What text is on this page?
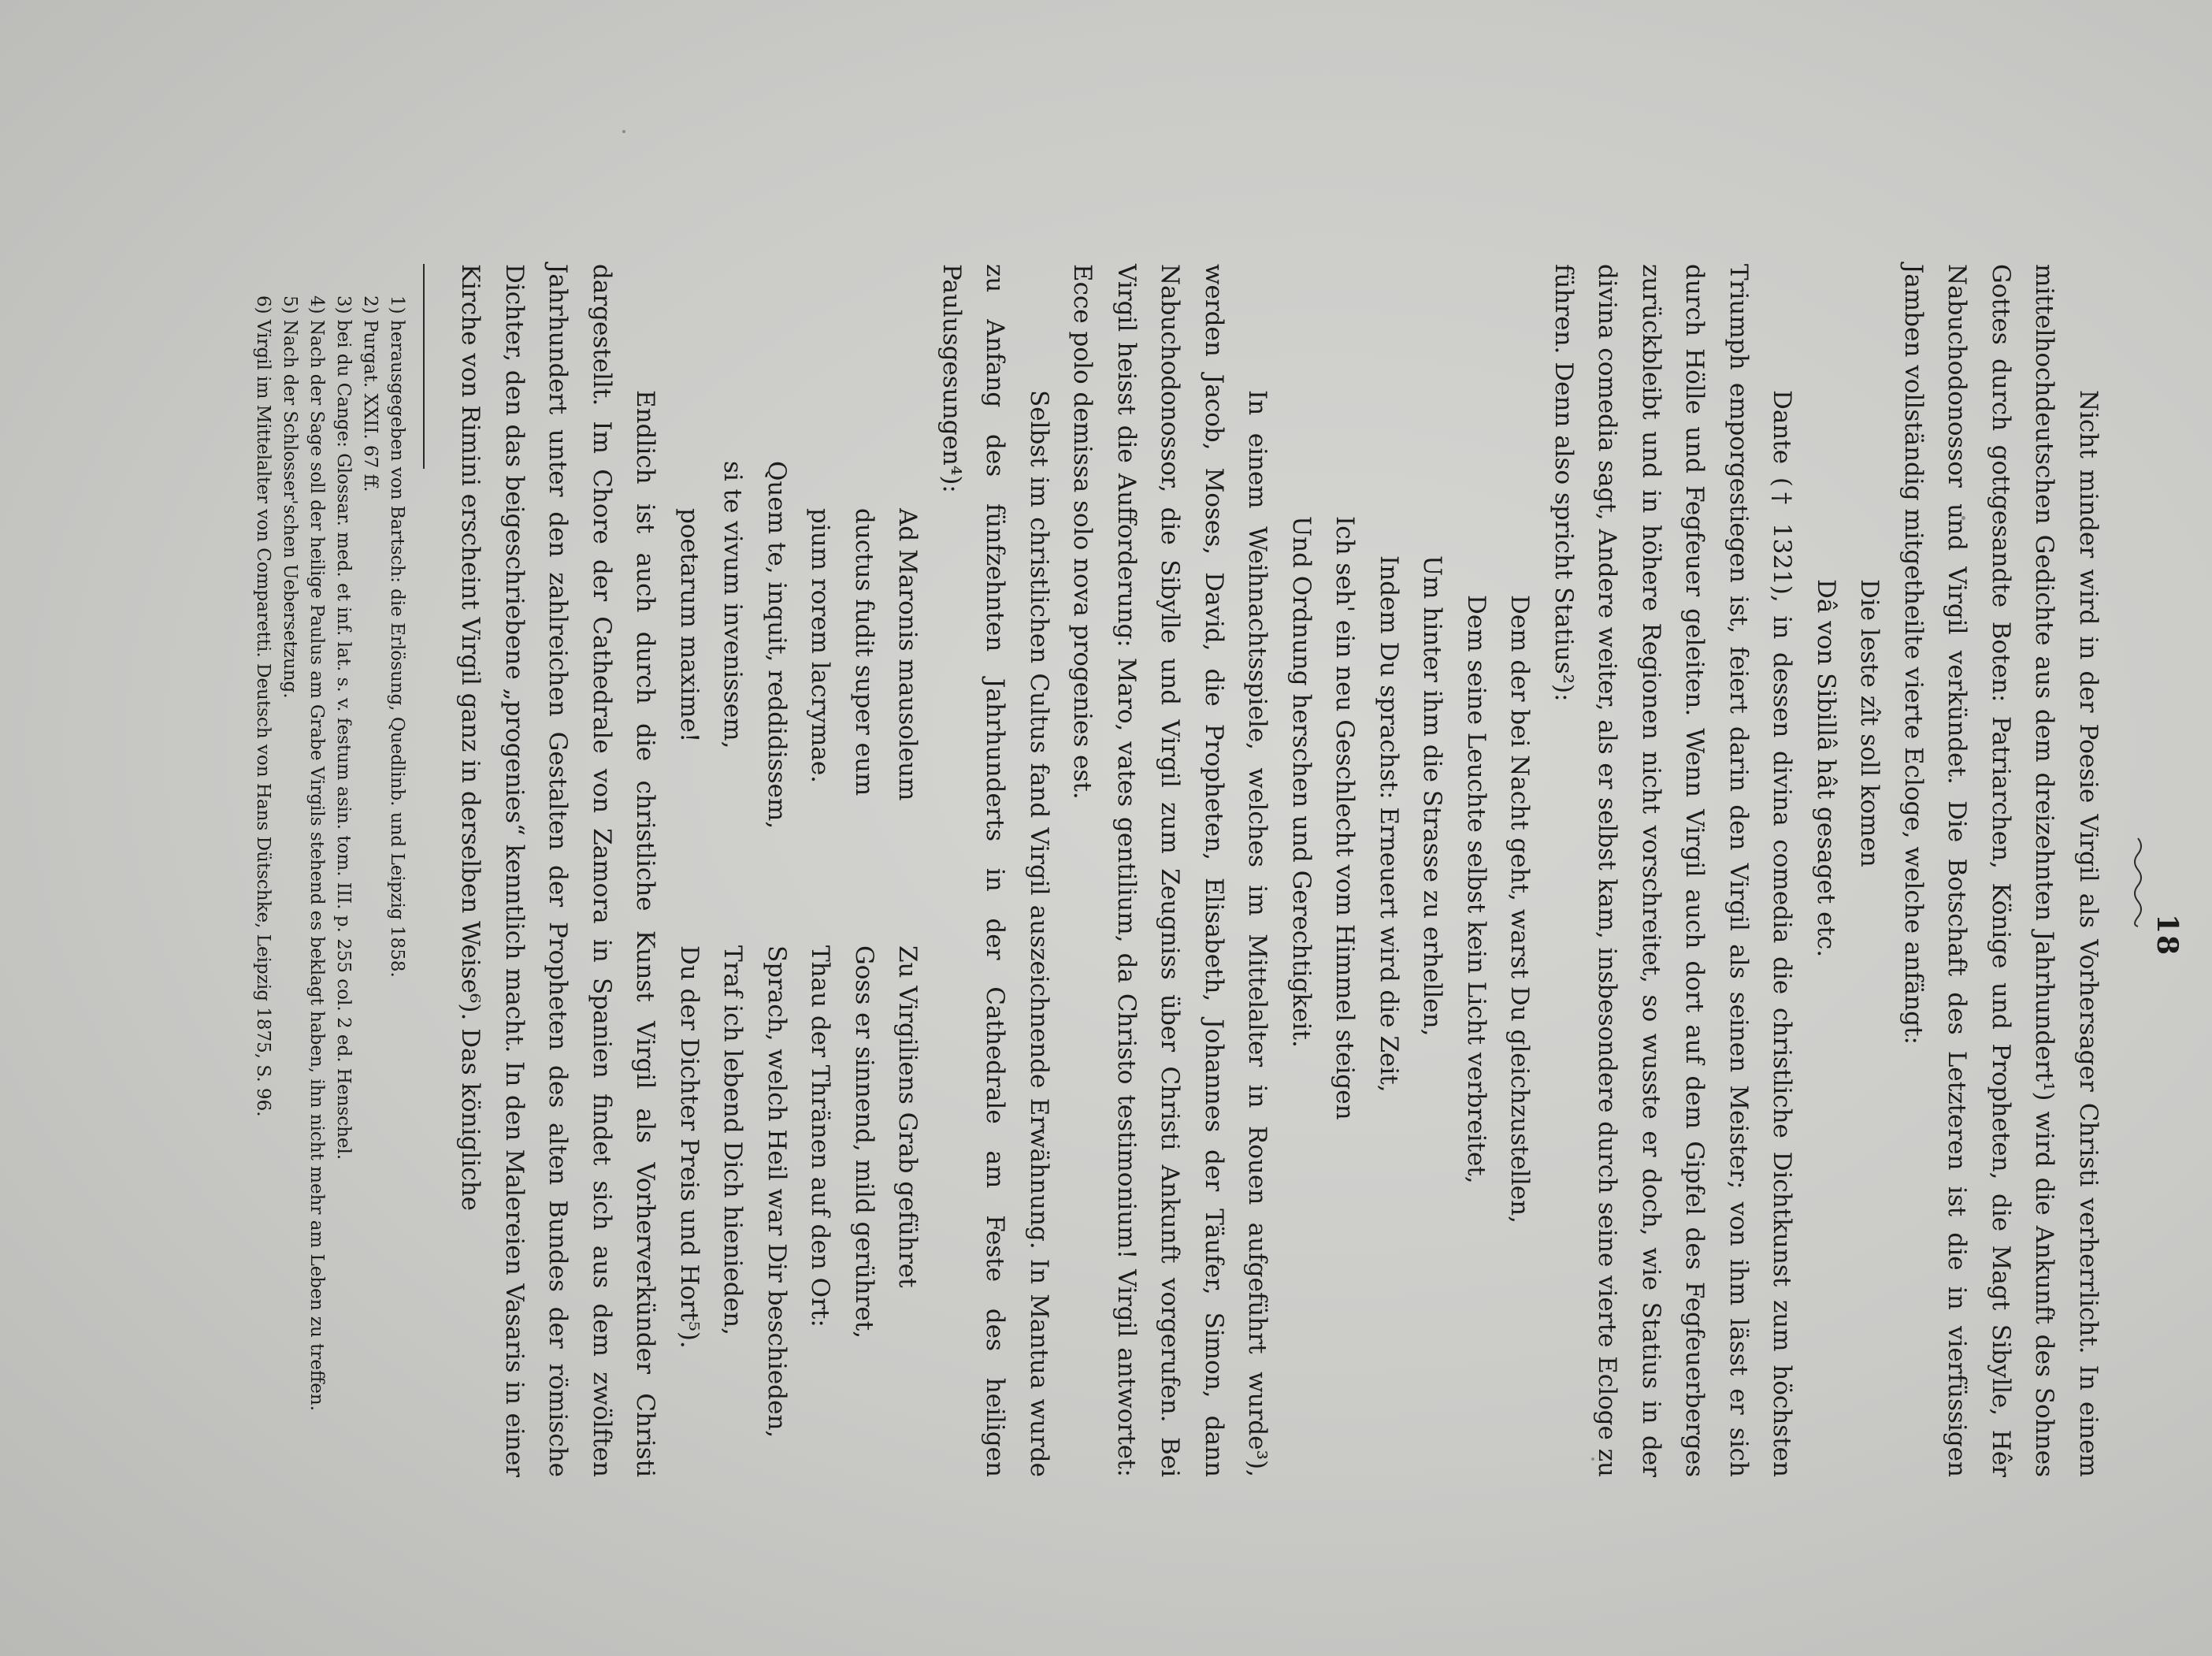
18

Nicht minder wird in der Poesie Virgil als Vorhersager Christi verherrlicht. In einem mittelhochdeutschen Gedichte aus dem dreizehnten Jahrhundert¹) wird die Ankunft des Sohnes Gottes durch gottgesandte Boten: Patriarchen, Könige und Propheten, die Magt Sibylle, Hêr Nabuchodonossor und Virgil verkündet. Die Botschaft des Letzteren ist die in vierfüssigen Jamben vollständig mitgetheilte vierte Ecloge, welche anfängt:

Die leste zît soll komen
Dâ von Sibillâ hât gesaget etc.

Dante († 1321), in dessen divina comedia die christliche Dichtkunst zum höchsten Triumph emporgestiegen ist, feiert darin den Virgil als seinen Meister; von ihm lässt er sich durch Hölle und Fegfeuer geleiten. Wenn Virgil auch dort auf dem Gipfel des Fegfeuerberges zurückbleibt und in höhere Regionen nicht vorschreitet, so wusste er doch, wie Statius in der divina comedia sagt, Andere weiter, als er selbst kam, insbesondere durch seine vierte Ecloge zu führen. Denn also spricht Statius²):

Dem der bei Nacht geht, warst Du gleichzustellen,
Dem seine Leuchte selbst kein Licht verbreitet,
Um hinter ihm die Strasse zu erhellen,
Indem Du sprachst: Erneuert wird die Zeit,
Ich seh' ein neu Geschlecht vom Himmel steigen
Und Ordnung herschen und Gerechtigkeit.

In einem Weihnachtsspiele, welches im Mittelalter in Rouen aufgeführt wurde³), werden Jacob, Moses, David, die Propheten, Elisabeth, Johannes der Täufer, Simon, dann Nabuchodonossor, die Sibylle und Virgil zum Zeugniss über Christi Ankunft vorgerufen. Bei Virgil heisst die Aufforderung: Maro, vates gentilium, da Christo testimonium! Virgil antwortet: Ecce polo demissa solo nova progenies est.

Selbst im christlichen Cultus fand Virgil auszeichnende Erwähnung. In Mantua wurde zu Anfang des fünfzehnten Jahrhunderts in der Cathedrale am Feste des heiligen Paulusgesungen⁴):

Ad Maronis mausoleum
ductus fudit super eum
pium rorem lacrymae.
Quem te, inquit, reddidissem,
si te vivum invenissem,
poetarum maxime!
Zu Virgiliens Grab geführet
Goss er sinnend, mild gerühret,
Thau der Thränen auf den Ort:
Sprach, welch Heil war Dir beschieden,
Traf ich lebend Dich hienieden,
Du der Dichter Preis und Hort⁵).

Endlich ist auch durch die christliche Kunst Virgil als Vorherverkünder Christi dargestellt. Im Chore der Cathedrale von Zamora in Spanien findet sich aus dem zwölften Jahrhundert unter den zahlreichen Gestalten der Propheten des alten Bundes der römische Dichter, den das beigeschriebene „progenies“ kenntlich macht. In den Malereien Vasaris in einer Kirche von Rimini erscheint Virgil ganz in derselben Weise⁶). Das königliche

1) herausgegeben von Bartsch: die Erlösung, Quedlinb. und Leipzig 1858.
2) Purgat. XXII. 67 ff.
3) bei du Cange: Glossar. med. et inf. lat. s. v. festum asin. tom. III. p. 255 col. 2 ed. Henschel.
4) Nach der Sage soll der heilige Paulus am Grabe Virgils stehend es beklagt haben, ihn nicht mehr am Leben zu treffen.
5) Nach der Schlosser'schen Uebersetzung.
6) Virgil im Mittelalter von Comparetti. Deutsch von Hans Dütschke, Leipzig 1875, S. 96.
